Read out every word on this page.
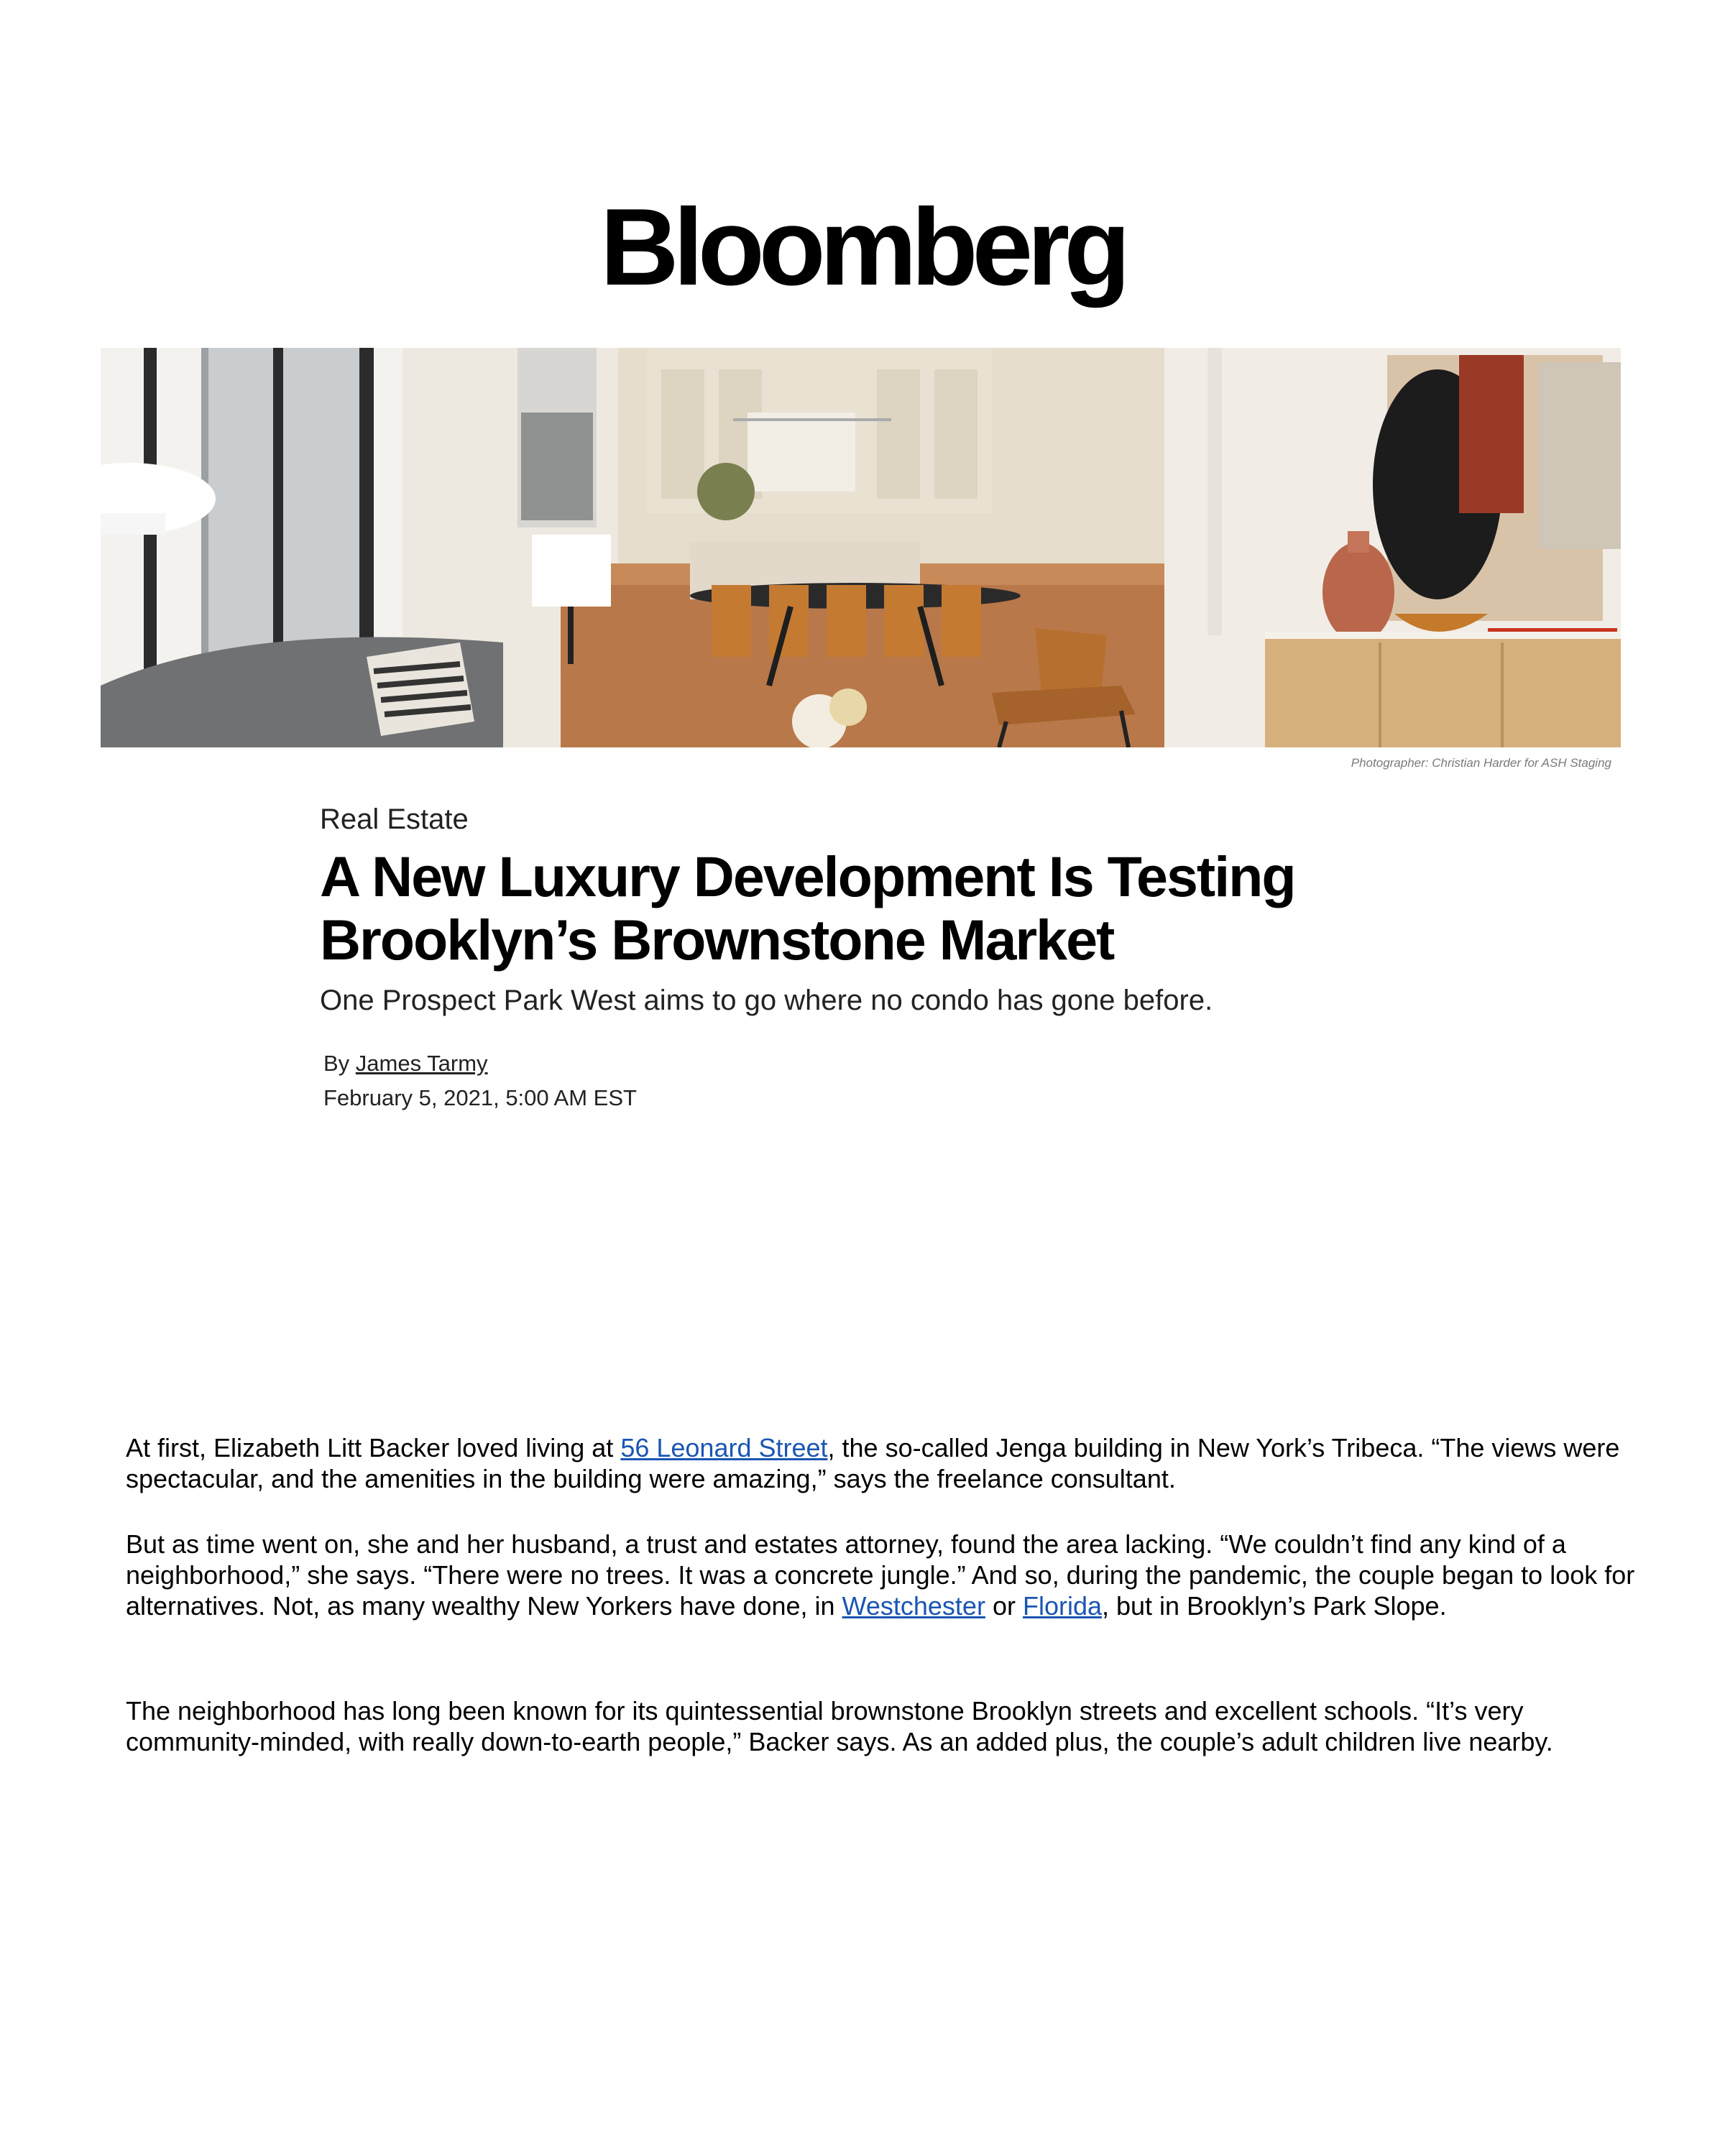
Bloomberg
Photographer: Christian Harder for ASH Staging
Real Estate
A New Luxury Development Is Testing
Brooklyn’s Brownstone Market
One Prospect Park West aims to go where no condo has gone before.
By James Tarmy
February 5, 2021, 5:00 AM EST

At first, Elizabeth Litt Backer loved living at 56 Leonard Street, the so-called Jenga building in New York’s Tribeca. “The views were spectacular, and the amenities in the building were amazing,” says the freelance consultant.

But as time went on, she and her husband, a trust and estates attorney, found the area lacking. “We couldn’t find any kind of a neighborhood,” she says. “There were no trees. It was a concrete jungle.” And so, during the pandemic, the couple began to look for alternatives. Not, as many wealthy New Yorkers have done, in Westchester or Florida, but in Brooklyn’s Park Slope.

The neighborhood has long been known for its quintessential brownstone Brooklyn streets and excellent schools. “It’s very community-minded, with really down-to-earth people,” Backer says. As an added plus, the couple’s adult children live nearby.
